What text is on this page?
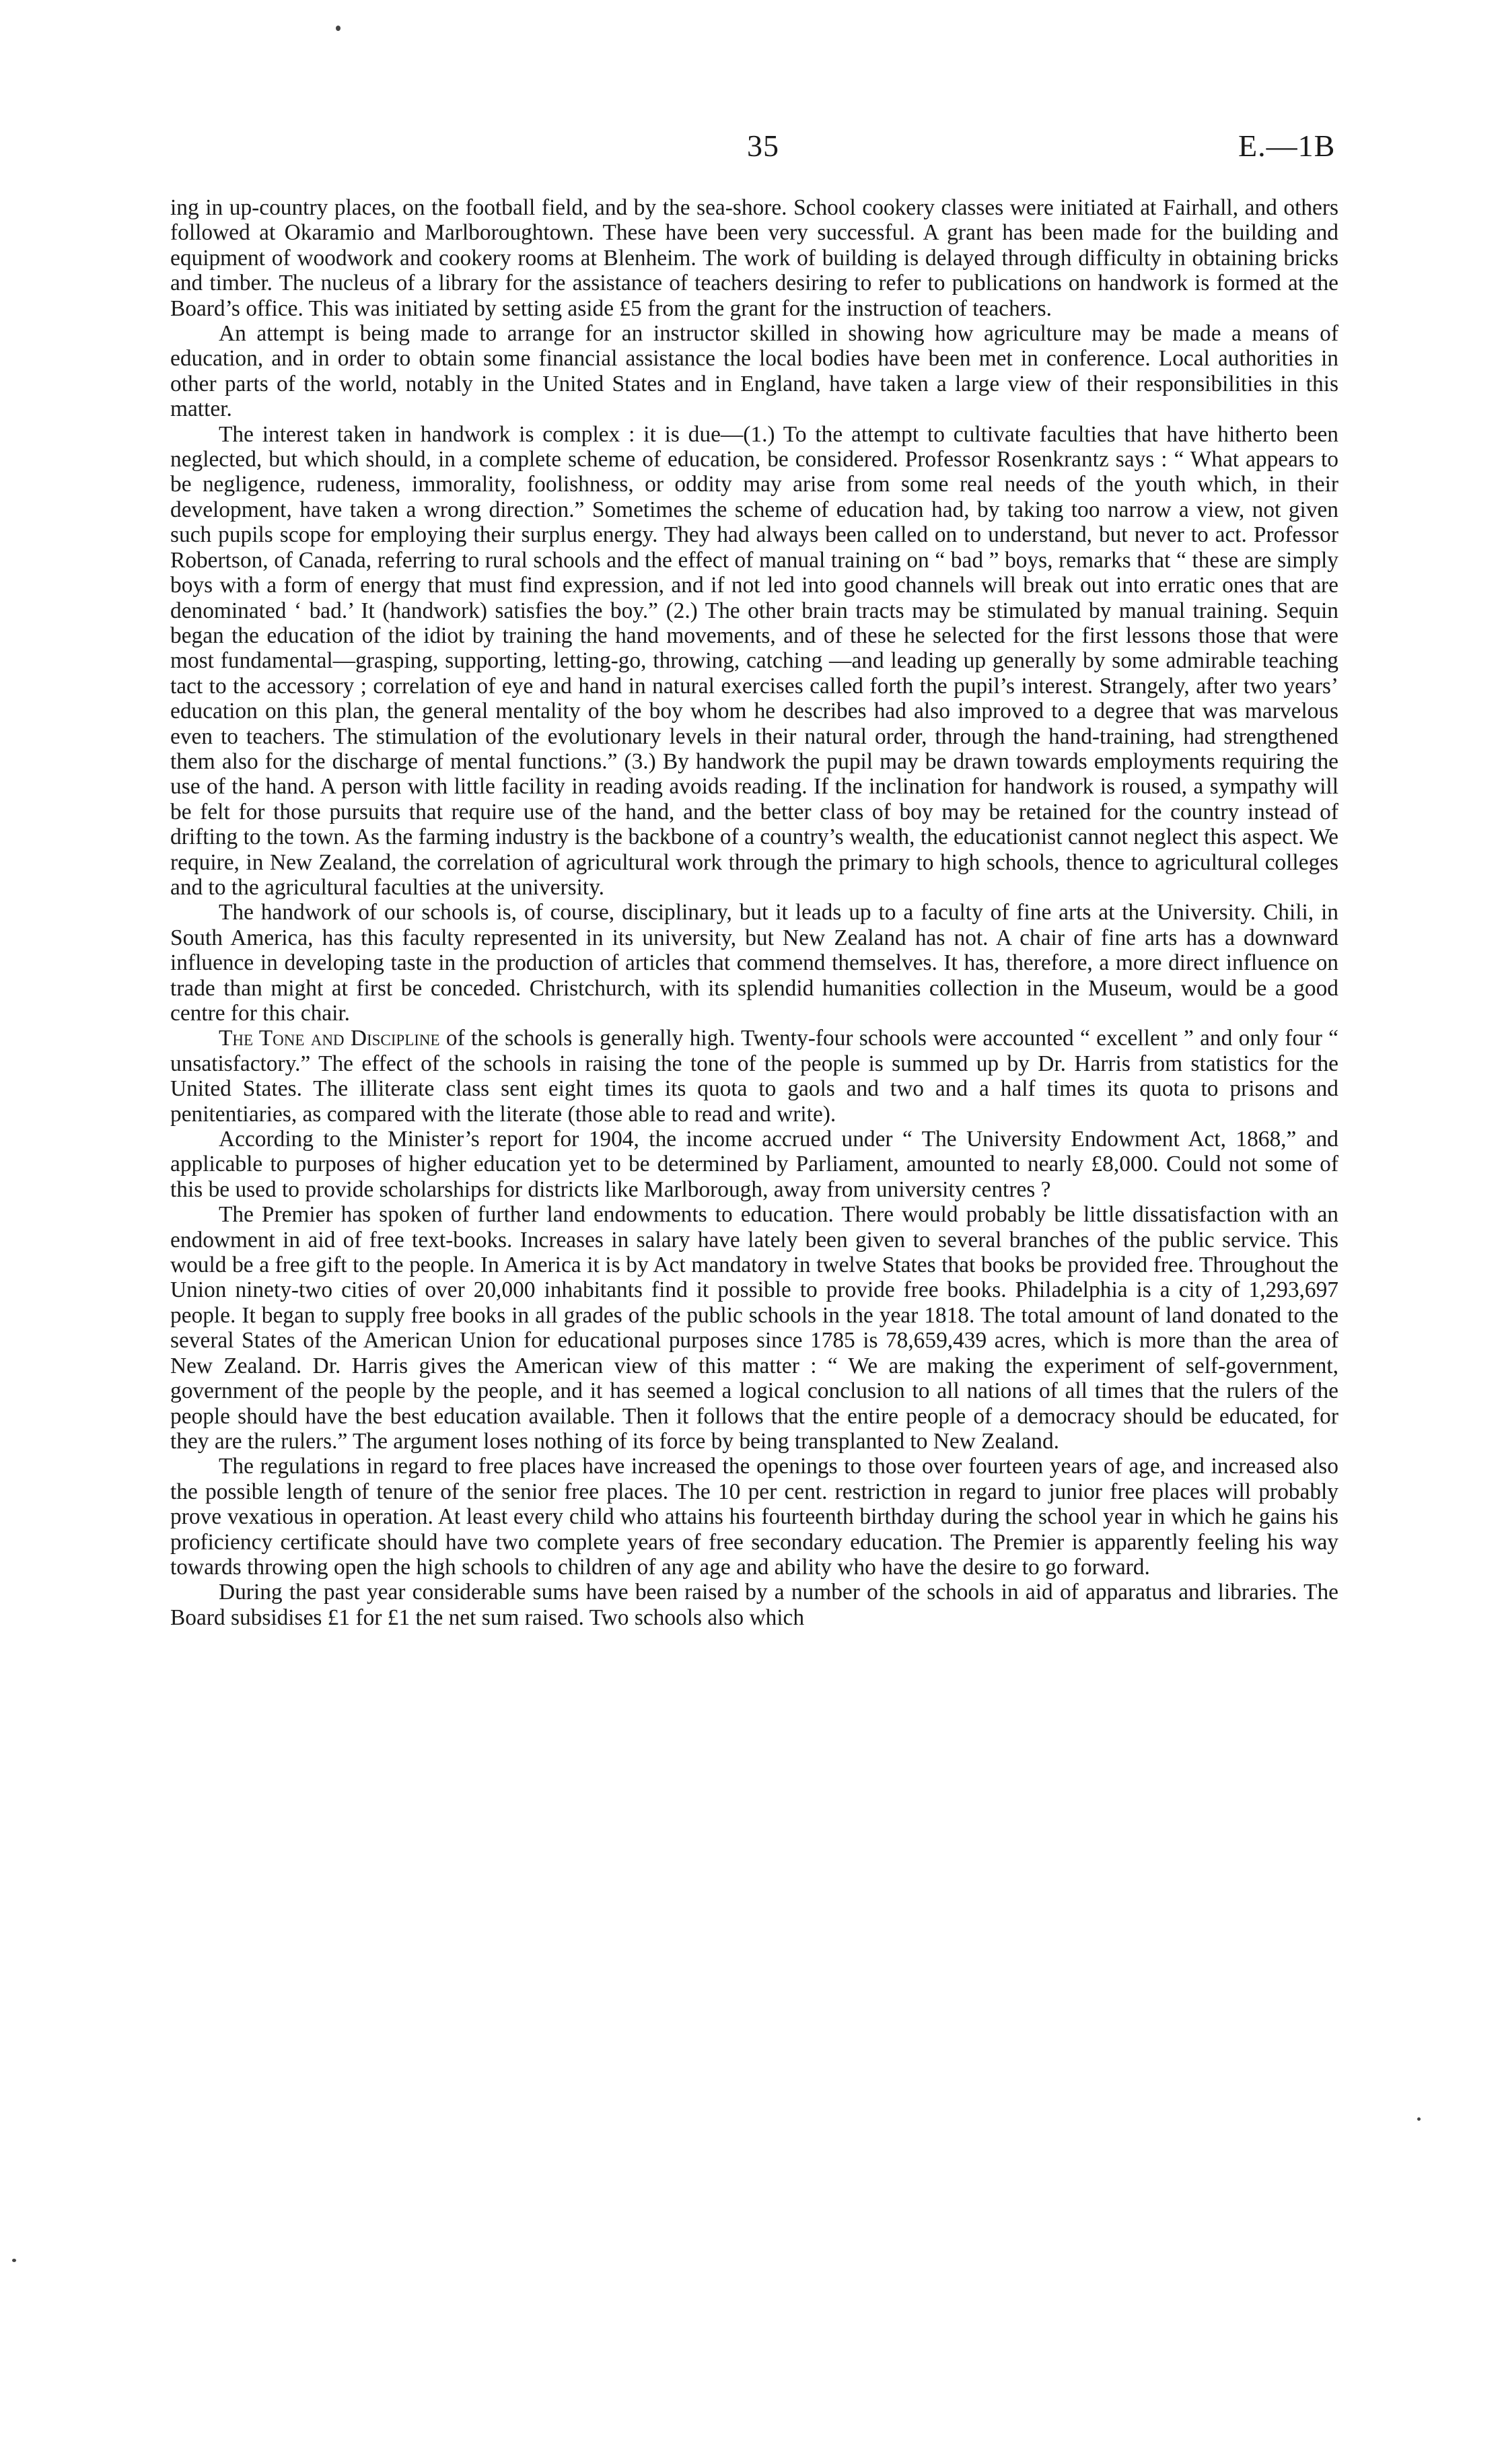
35	E.—1B

ing in up-country places, on the football field, and by the sea-shore. School cookery classes were initiated at Fairhall, and others followed at Okaramio and Marlboroughtown. These have been very successful. A grant has been made for the building and equipment of woodwork and cookery rooms at Blenheim. The work of building is delayed through difficulty in obtaining bricks and timber. The nucleus of a library for the assistance of teachers desiring to refer to publications on handwork is formed at the Board’s office. This was initiated by setting aside £5 from the grant for the instruction of teachers.

An attempt is being made to arrange for an instructor skilled in showing how agriculture may be made a means of education, and in order to obtain some financial assistance the local bodies have been met in conference. Local authorities in other parts of the world, notably in the United States and in England, have taken a large view of their responsibilities in this matter.

The interest taken in handwork is complex : it is due—(1.) To the attempt to cultivate faculties that have hitherto been neglected, but which should, in a complete scheme of education, be considered. Professor Rosenkrantz says : “ What appears to be negligence, rudeness, immorality, foolishness, or oddity may arise from some real needs of the youth which, in their development, have taken a wrong direction.” Sometimes the scheme of education had, by taking too narrow a view, not given such pupils scope for employing their surplus energy. They had always been called on to understand, but never to act. Professor Robertson, of Canada, referring to rural schools and the effect of manual training on “ bad ” boys, remarks that “ these are simply boys with a form of energy that must find expression, and if not led into good channels will break out into erratic ones that are denominated ‘ bad.’ It (handwork) satisfies the boy.” (2.) The other brain tracts may be stimulated by manual training. Sequin began the education of the idiot by training the hand movements, and of these he selected for the first lessons those that were most fundamental—grasping, supporting, letting-go, throwing, catching —and leading up generally by some admirable teaching tact to the accessory ; correlation of eye and hand in natural exercises called forth the pupil’s interest. Strangely, after two years’ education on this plan, the general mentality of the boy whom he describes had also improved to a degree that was marvelous even to teachers. The stimulation of the evolutionary levels in their natural order, through the hand-training, had strengthened them also for the discharge of mental functions.” (3.) By handwork the pupil may be drawn towards employments requiring the use of the hand. A person with little facility in reading avoids reading. If the inclination for handwork is roused, a sympathy will be felt for those pursuits that require use of the hand, and the better class of boy may be retained for the country instead of drifting to the town. As the farming industry is the backbone of a country’s wealth, the educationist cannot neglect this aspect. We require, in New Zealand, the correlation of agricultural work through the primary to high schools, thence to agricultural colleges and to the agricultural faculties at the university.

The handwork of our schools is, of course, disciplinary, but it leads up to a faculty of fine arts at the University. Chili, in South America, has this faculty represented in its university, but New Zealand has not. A chair of fine arts has a downward influence in developing taste in the production of articles that commend themselves. It has, therefore, a more direct influence on trade than might at first be conceded. Christchurch, with its splendid humanities collection in the Museum, would be a good centre for this chair.

The Tone and Discipline of the schools is generally high. Twenty-four schools were accounted “ excellent ” and only four “ unsatisfactory.” The effect of the schools in raising the tone of the people is summed up by Dr. Harris from statistics for the United States. The illiterate class sent eight times its quota to gaols and two and a half times its quota to prisons and penitentiaries, as compared with the literate (those able to read and write).

According to the Minister’s report for 1904, the income accrued under “ The University Endowment Act, 1868,” and applicable to purposes of higher education yet to be determined by Parliament, amounted to nearly £8,000. Could not some of this be used to provide scholarships for districts like Marlborough, away from university centres ?

The Premier has spoken of further land endowments to education. There would probably be little dissatisfaction with an endowment in aid of free text-books. Increases in salary have lately been given to several branches of the public service. This would be a free gift to the people. In America it is by Act mandatory in twelve States that books be provided free. Throughout the Union ninety-two cities of over 20,000 inhabitants find it possible to provide free books. Philadelphia is a city of 1,293,697 people. It began to supply free books in all grades of the public schools in the year 1818. The total amount of land donated to the several States of the American Union for educational purposes since 1785 is 78,659,439 acres, which is more than the area of New Zealand. Dr. Harris gives the American view of this matter : “ We are making the experiment of self-government, government of the people by the people, and it has seemed a logical conclusion to all nations of all times that the rulers of the people should have the best education available. Then it follows that the entire people of a democracy should be educated, for they are the rulers.” The argument loses nothing of its force by being transplanted to New Zealand.

The regulations in regard to free places have increased the openings to those over fourteen years of age, and increased also the possible length of tenure of the senior free places. The 10 per cent. restriction in regard to junior free places will probably prove vexatious in operation. At least every child who attains his fourteenth birthday during the school year in which he gains his proficiency certificate should have two complete years of free secondary education. The Premier is apparently feeling his way towards throwing open the high schools to children of any age and ability who have the desire to go forward.

During the past year considerable sums have been raised by a number of the schools in aid of apparatus and libraries. The Board subsidises £1 for £1 the net sum raised. Two schools also which
